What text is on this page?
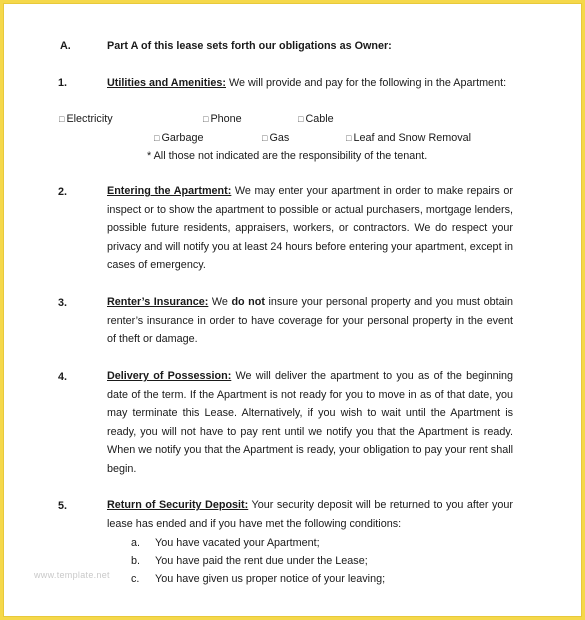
A.	Part A of this lease sets forth our obligations as Owner:
1.	Utilities and Amenities: We will provide and pay for the following in the Apartment:
□ Electricity	□ Phone	□ Cable
□ Garbage	□ Gas	□ Leaf and Snow Removal
* All those not indicated are the responsibility of the tenant.
2.	Entering the Apartment: We may enter your apartment in order to make repairs or inspect or to show the apartment to possible or actual purchasers, mortgage lenders, possible future residents, appraisers, workers, or contractors. We do respect your privacy and will notify you at least 24 hours before entering your apartment, except in cases of emergency.
3.	Renter’s Insurance: We do not insure your personal property and you must obtain renter’s insurance in order to have coverage for your personal property in the event of theft or damage.
4.	Delivery of Possession: We will deliver the apartment to you as of the beginning date of the term. If the Apartment is not ready for you to move in as of that date, you may terminate this Lease. Alternatively, if you wish to wait until the Apartment is ready, you will not have to pay rent until we notify you that the Apartment is ready. When we notify you that the Apartment is ready, your obligation to pay your rent shall begin.
5.	Return of Security Deposit: Your security deposit will be returned to you after your lease has ended and if you have met the following conditions:
a. You have vacated your Apartment;
b. You have paid the rent due under the Lease;
c. You have given us proper notice of your leaving;
www.template.net
